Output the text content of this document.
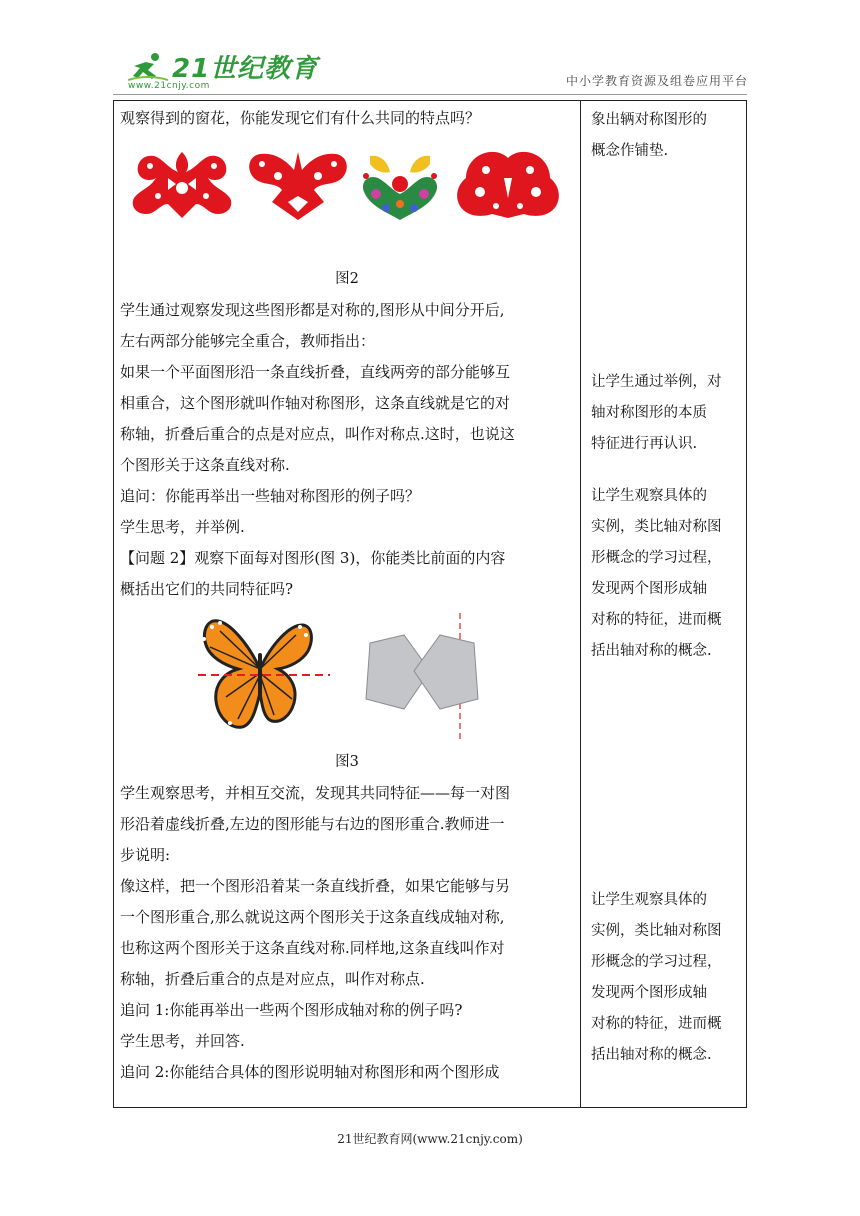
21世纪教育
www.21cnjy.com	中小学教育资源及组卷应用平台
观察得到的窗花，你能发现它们有什么共同的特点吗？
图2
学生通过观察发现这些图形都是对称的,图形从中间分开后,
左右两部分能够完全重合，教师指出：
如果一个平面图形沿一条直线折叠，直线两旁的部分能够互
相重合，这个图形就叫作轴对称图形，这条直线就是它的对
称轴，折叠后重合的点是对应点，叫作对称点.这时，也说这
个图形关于这条直线对称.
追问：你能再举出一些轴对称图形的例子吗？
学生思考，并举例.
【问题 2】观察下面每对图形(图 3)，你能类比前面的内容
概括出它们的共同特征吗?
图3
学生观察思考，并相互交流，发现其共同特征——每一对图
形沿着虚线折叠,左边的图形能与右边的图形重合.教师进一
步说明:
像这样，把一个图形沿着某一条直线折叠，如果它能够与另
一个图形重合,那么就说这两个图形关于这条直线成轴对称,
也称这两个图形关于这条直线对称.同样地,这条直线叫作对
称轴，折叠后重合的点是对应点，叫作对称点.
追问 1:你能再举出一些两个图形成轴对称的例子吗?
学生思考，并回答.
追问 2:你能结合具体的图形说明轴对称图形和两个图形成
象出辆对称图形的
概念作铺垫.
让学生通过举例，对
轴对称图形的本质
特征进行再认识.
让学生观察具体的
实例，类比轴对称图
形概念的学习过程，
发现两个图形成轴
对称的特征，进而概
括出轴对称的概念.
让学生观察具体的
实例，类比轴对称图
形概念的学习过程，
发现两个图形成轴
对称的特征，进而概
括出轴对称的概念.
21世纪教育网(www.21cnjy.com)
